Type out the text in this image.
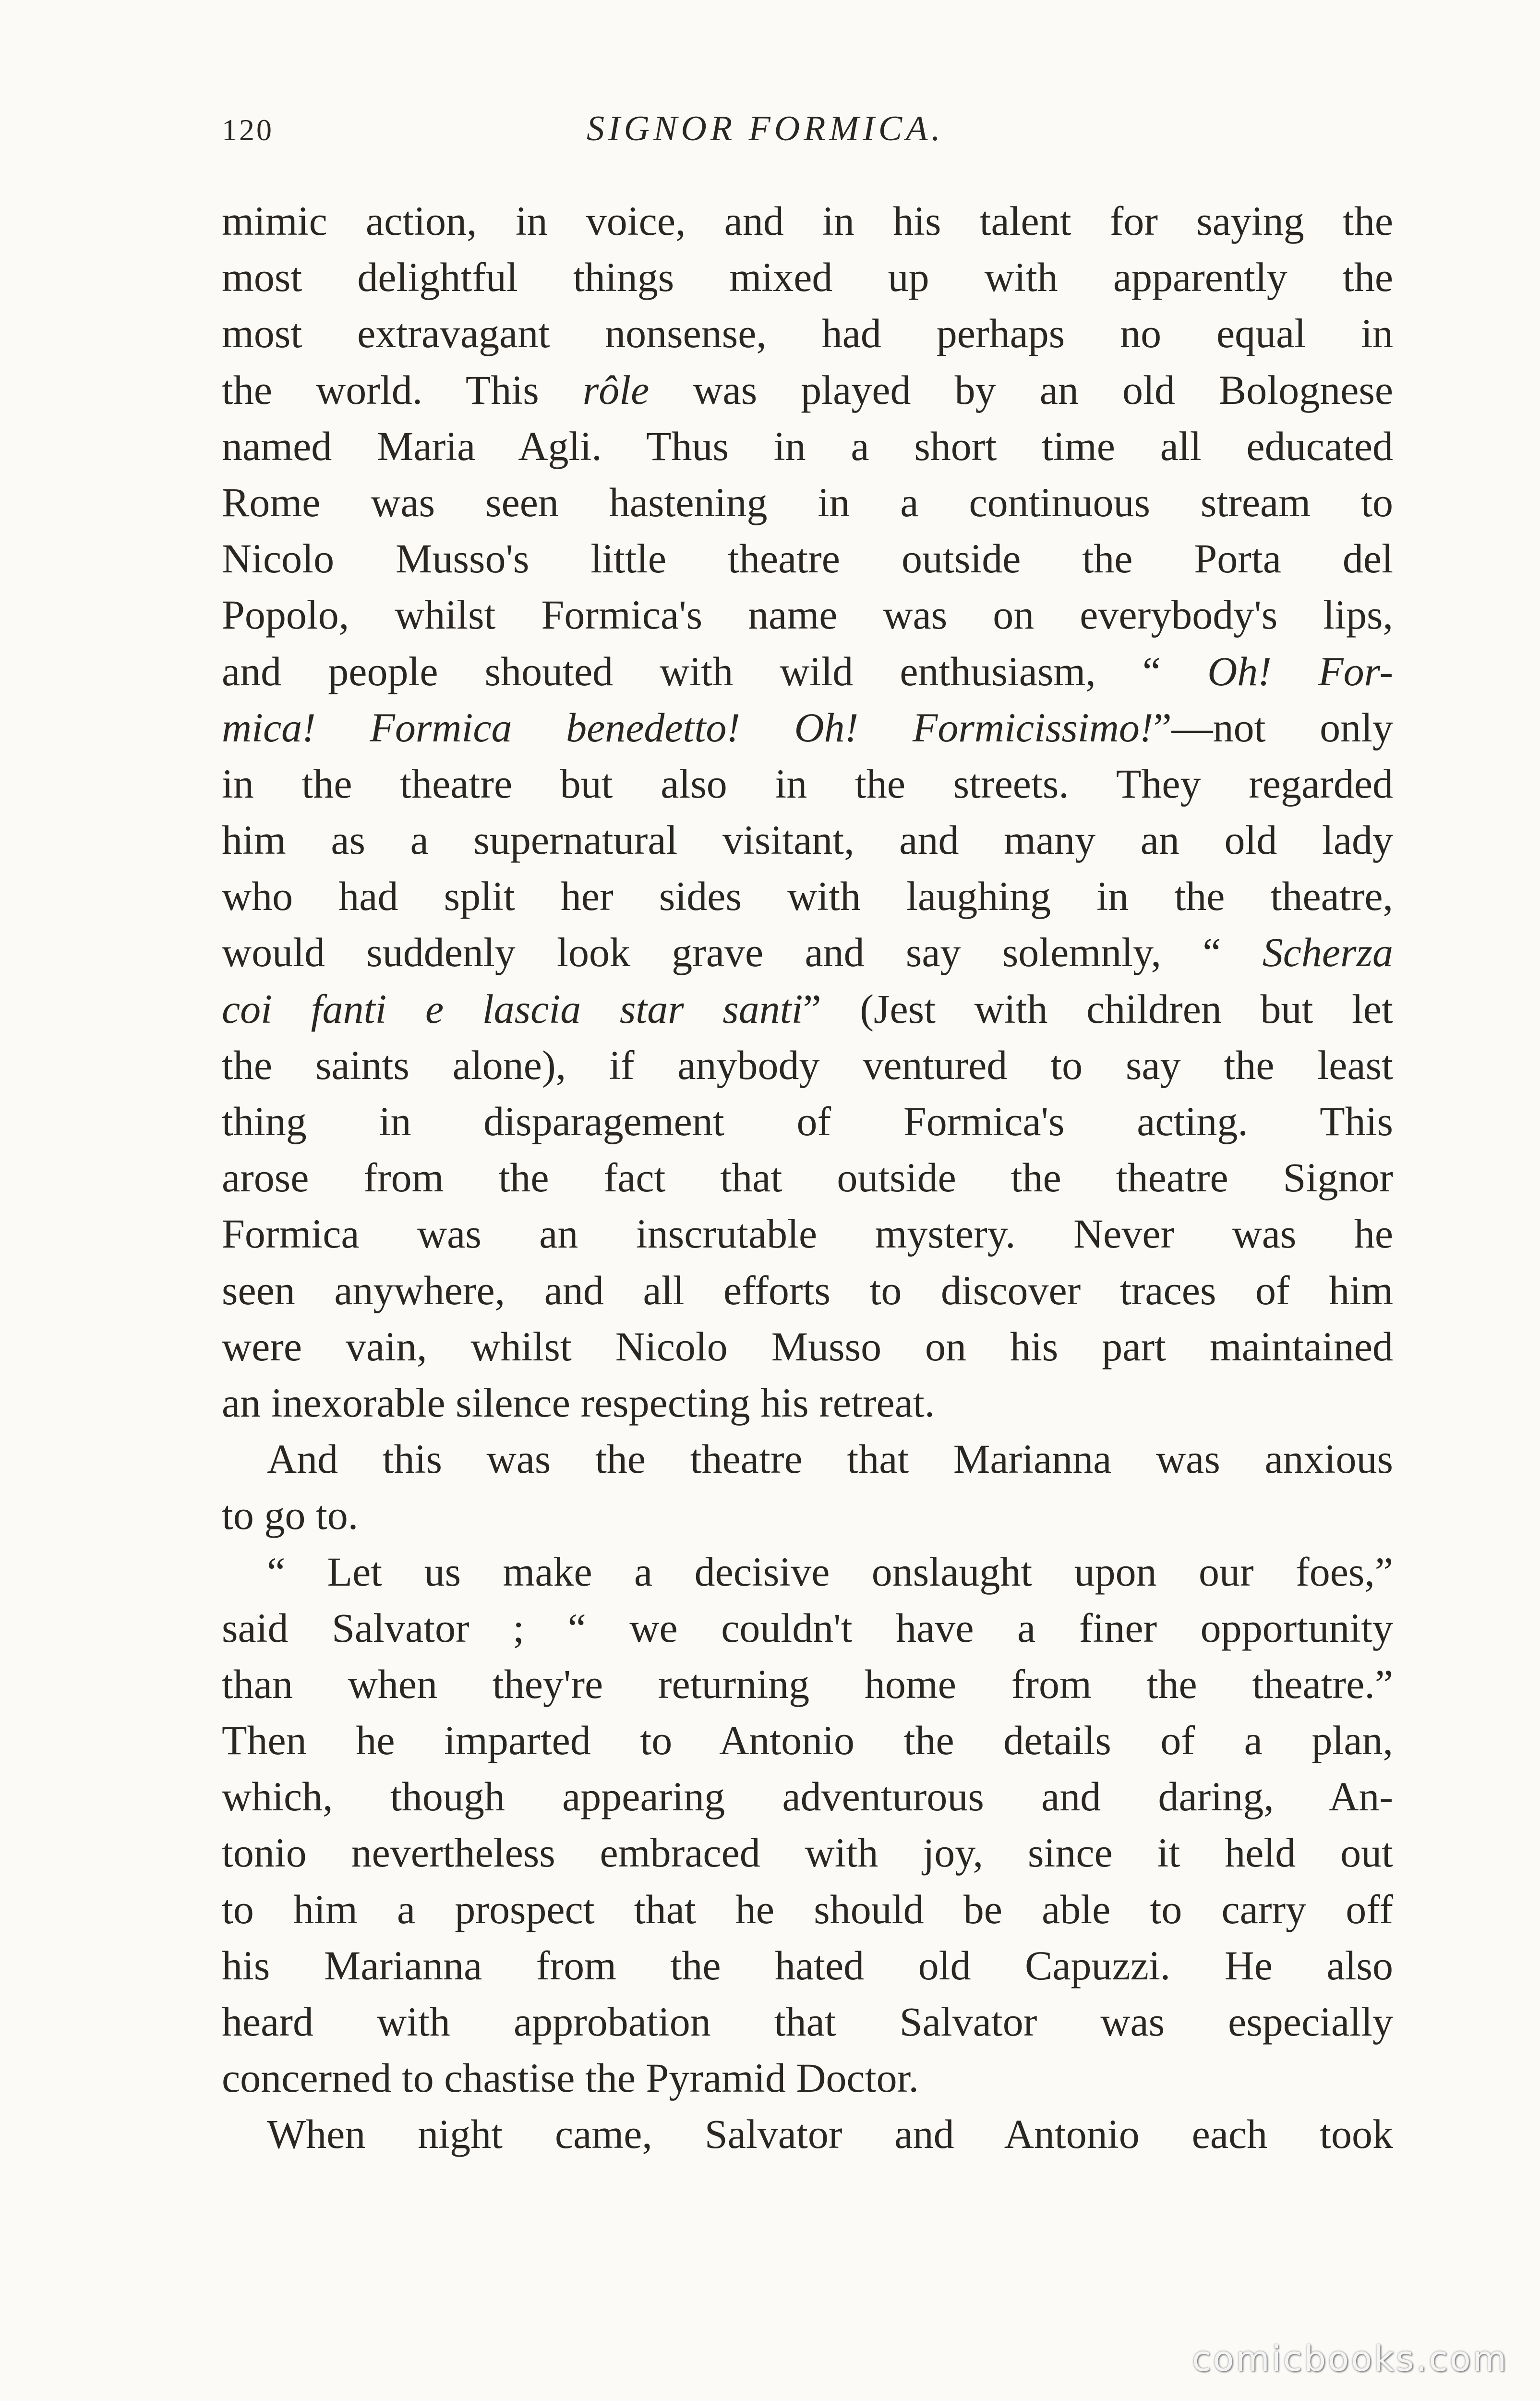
120	SIGNOR FORMICA.
mimic action, in voice, and in his talent for saying the
most delightful things mixed up with apparently the
most extravagant nonsense, had perhaps no equal in
the world. This rôle was played by an old Bolognese
named Maria Agli. Thus in a short time all educated
Rome was seen hastening in a continuous stream to
Nicolo Musso's little theatre outside the Porta del
Popolo, whilst Formica's name was on everybody's lips,
and people shouted with wild enthusiasm, “ Oh! For-
mica! Formica benedetto! Oh! Formicissimo!”—not only
in the theatre but also in the streets. They regarded
him as a supernatural visitant, and many an old lady
who had split her sides with laughing in the theatre,
would suddenly look grave and say solemnly, “ Scherza
coi fanti e lascia star santi” (Jest with children but let
the saints alone), if anybody ventured to say the least
thing in disparagement of Formica's acting. This
arose from the fact that outside the theatre Signor
Formica was an inscrutable mystery. Never was he
seen anywhere, and all efforts to discover traces of him
were vain, whilst Nicolo Musso on his part maintained
an inexorable silence respecting his retreat.
And this was the theatre that Marianna was anxious
to go to.
“ Let us make a decisive onslaught upon our foes,”
said Salvator ; “ we couldn't have a finer opportunity
than when they're returning home from the theatre.”
Then he imparted to Antonio the details of a plan,
which, though appearing adventurous and daring, An-
tonio nevertheless embraced with joy, since it held out
to him a prospect that he should be able to carry off
his Marianna from the hated old Capuzzi. He also
heard with approbation that Salvator was especially
concerned to chastise the Pyramid Doctor.
When night came, Salvator and Antonio each took
comicbooks.com
